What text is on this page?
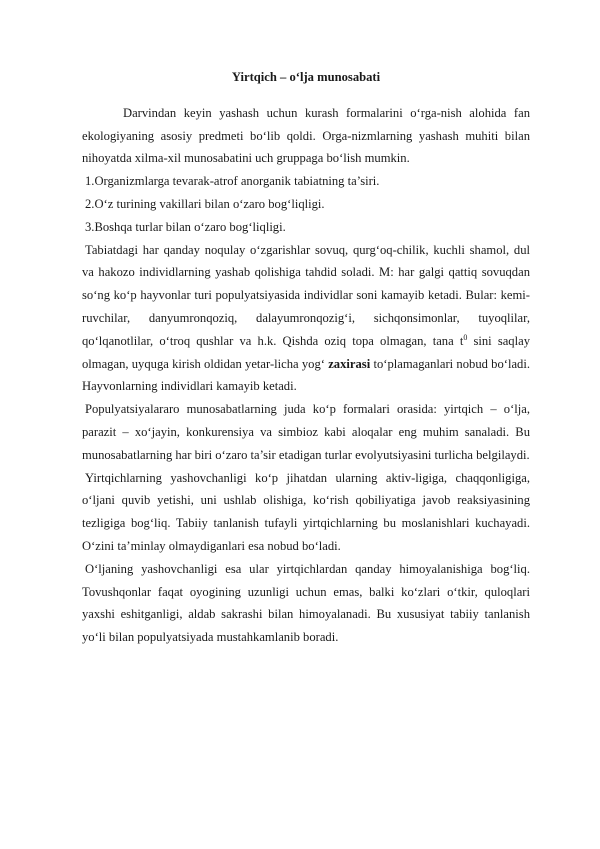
Yirtqich – o‘lja munosabati

Darvindan keyin yashash uchun kurash formalarini o‘rga-nish alohida fan ekologiyaning asosiy predmeti bo‘lib qoldi. Orga-nizmlarning yashash muhiti bilan nihoyatda xilma-xil munosabatini uch gruppaga bo‘lish mumkin.

1.Organizmlarga tevarak-atrof anorganik tabiatning ta’siri.

2.O‘z turining vakillari bilan o‘zaro bog‘liqligi.

3.Boshqa turlar bilan o‘zaro bog‘liqligi.

Tabiatdagi har qanday noqulay o‘zgarishlar sovuq, qurg‘oq-chilik, kuchli shamol, dul va hakozo individlarning yashab qolishiga tahdid soladi. M: har galgi qattiq sovuqdan so‘ng ko‘p hayvonlar turi populyatsiyasida individlar soni kamayib ketadi. Bular: kemi-ruvchilar, danyumronqoziq, dalayumronqozig‘i, sichqonsimonlar, tuyoqlilar, qo‘lqanotlilar, o‘troq qushlar va h.k. Qishda oziq topa olmagan, tana $t^0$ sini saqlay olmagan, uyquga kirish oldidan yetar-licha yog‘ zaxirasi to‘plamaganlari nobud bo‘ladi. Hayvonlarning individlari kamayib ketadi.

Populyatsiyalararo munosabatlarning juda ko‘p formalari orasida: yirtqich – o‘lja, parazit – xo‘jayin, konkurensiya va simbioz kabi aloqalar eng muhim sanaladi. Bu munosabatlarning har biri o‘zaro ta’sir etadigan turlar evolyutsiyasini turlicha belgilaydi.

Yirtqichlarning yashovchanligi ko‘p jihatdan ularning aktiv-ligiga, chaqqonligiga, o‘ljani quvib yetishi, uni ushlab olishiga, ko‘rish qobiliyatiga javob reaksiyasining tezligiga bog‘liq. Tabiiy tanlanish tufayli yirtqichlarning bu moslanishlari kuchayadi. O‘zini ta’minlay olmaydiganlari esa nobud bo‘ladi.

O‘ljaning yashovchanligi esa ular yirtqichlardan qanday himoyalanishiga bog‘liq. Tovushqonlar faqat oyogining uzunligi uchun emas, balki ko‘zlari o‘tkir, quloqlari yaxshi eshitganligi, aldab sakrashi bilan himoyalanadi. Bu xususiyat tabiiy tanlanish yo‘li bilan populyatsiyada mustahkamlanib boradi.
